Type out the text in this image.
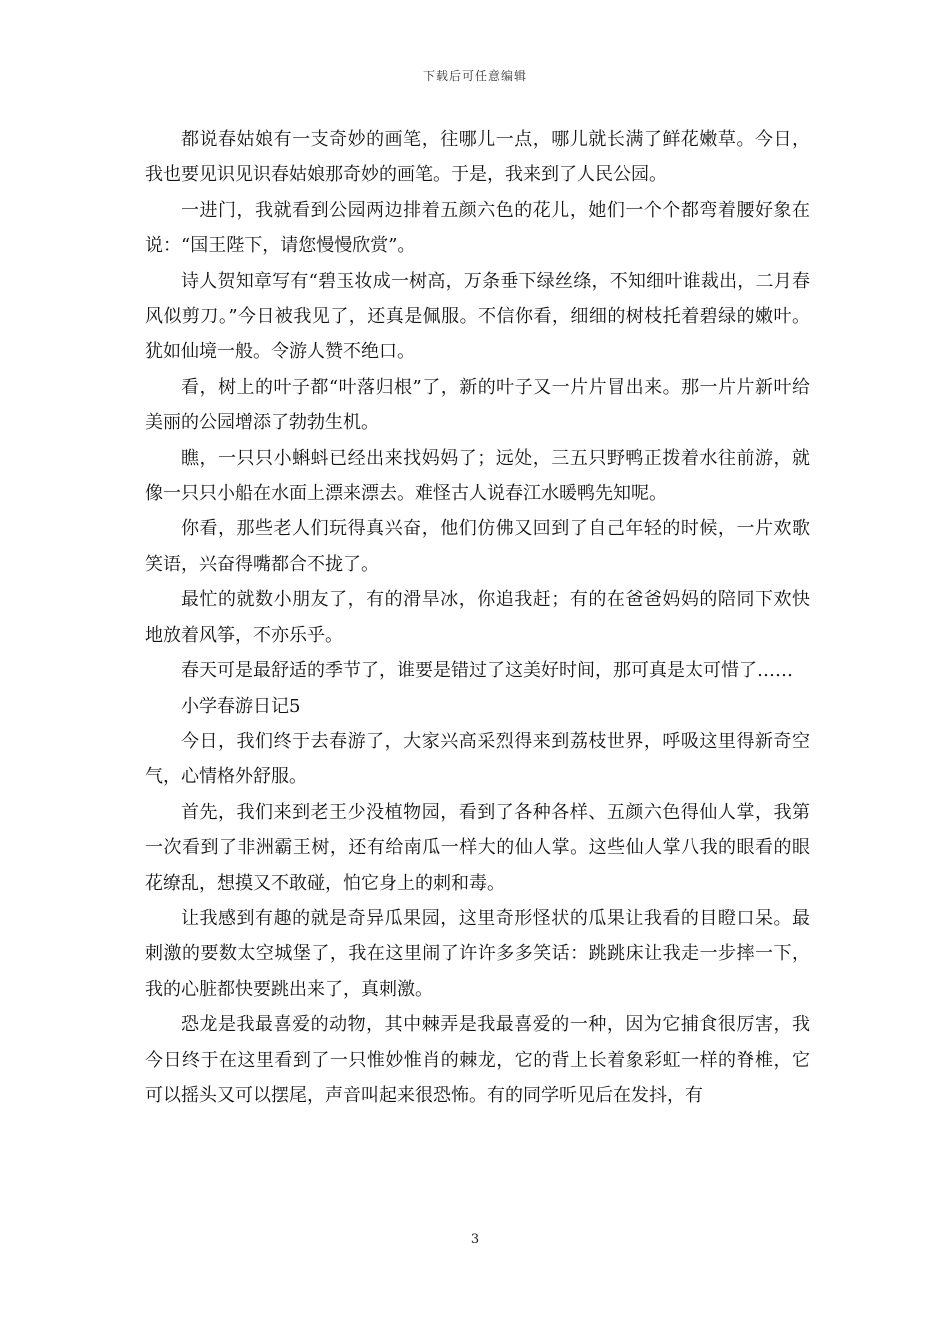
下载后可任意编辑

都说春姑娘有一支奇妙的画笔，往哪儿一点，哪儿就长满了鲜花嫩草。今日，我也要见识见识春姑娘那奇妙的画笔。于是，我来到了人民公园。

一进门，我就看到公园两边排着五颜六色的花儿，她们一个个都弯着腰好象在说：“国王陛下，请您慢慢欣赏”。

诗人贺知章写有“碧玉妆成一树高，万条垂下绿丝绦，不知细叶谁裁出，二月春风似剪刀。”今日被我见了，还真是佩服。不信你看，细细的树枝托着碧绿的嫩叶。犹如仙境一般。令游人赞不绝口。

看，树上的叶子都“叶落归根”了，新的叶子又一片片冒出来。那一片片新叶给美丽的公园增添了勃勃生机。

瞧，一只只小蝌蚪已经出来找妈妈了；远处，三五只野鸭正拨着水往前游，就像一只只小船在水面上漂来漂去。难怪古人说春江水暖鸭先知呢。

你看，那些老人们玩得真兴奋，他们仿佛又回到了自己年轻的时候，一片欢歌笑语，兴奋得嘴都合不拢了。

最忙的就数小朋友了，有的滑旱冰，你追我赶；有的在爸爸妈妈的陪同下欢快地放着风筝，不亦乐乎。

春天可是最舒适的季节了，谁要是错过了这美好时间，那可真是太可惜了……

小学春游日记5

今日，我们终于去春游了，大家兴高采烈得来到荔枝世界，呼吸这里得新奇空气，心情格外舒服。

首先，我们来到老王少没植物园，看到了各种各样、五颜六色得仙人掌，我第一次看到了非洲霸王树，还有给南瓜一样大的仙人掌。这些仙人掌八我的眼看的眼花缭乱，想摸又不敢碰，怕它身上的刺和毒。

让我感到有趣的就是奇异瓜果园，这里奇形怪状的瓜果让我看的目瞪口呆。最刺激的要数太空城堡了，我在这里闹了许许多多笑话：跳跳床让我走一步摔一下，我的心脏都快要跳出来了，真刺激。

恐龙是我最喜爱的动物，其中棘弄是我最喜爱的一种，因为它捕食很厉害，我今日终于在这里看到了一只惟妙惟肖的棘龙，它的背上长着象彩虹一样的脊椎，它可以摇头又可以摆尾，声音叫起来很恐怖。有的同学听见后在发抖，有

3
